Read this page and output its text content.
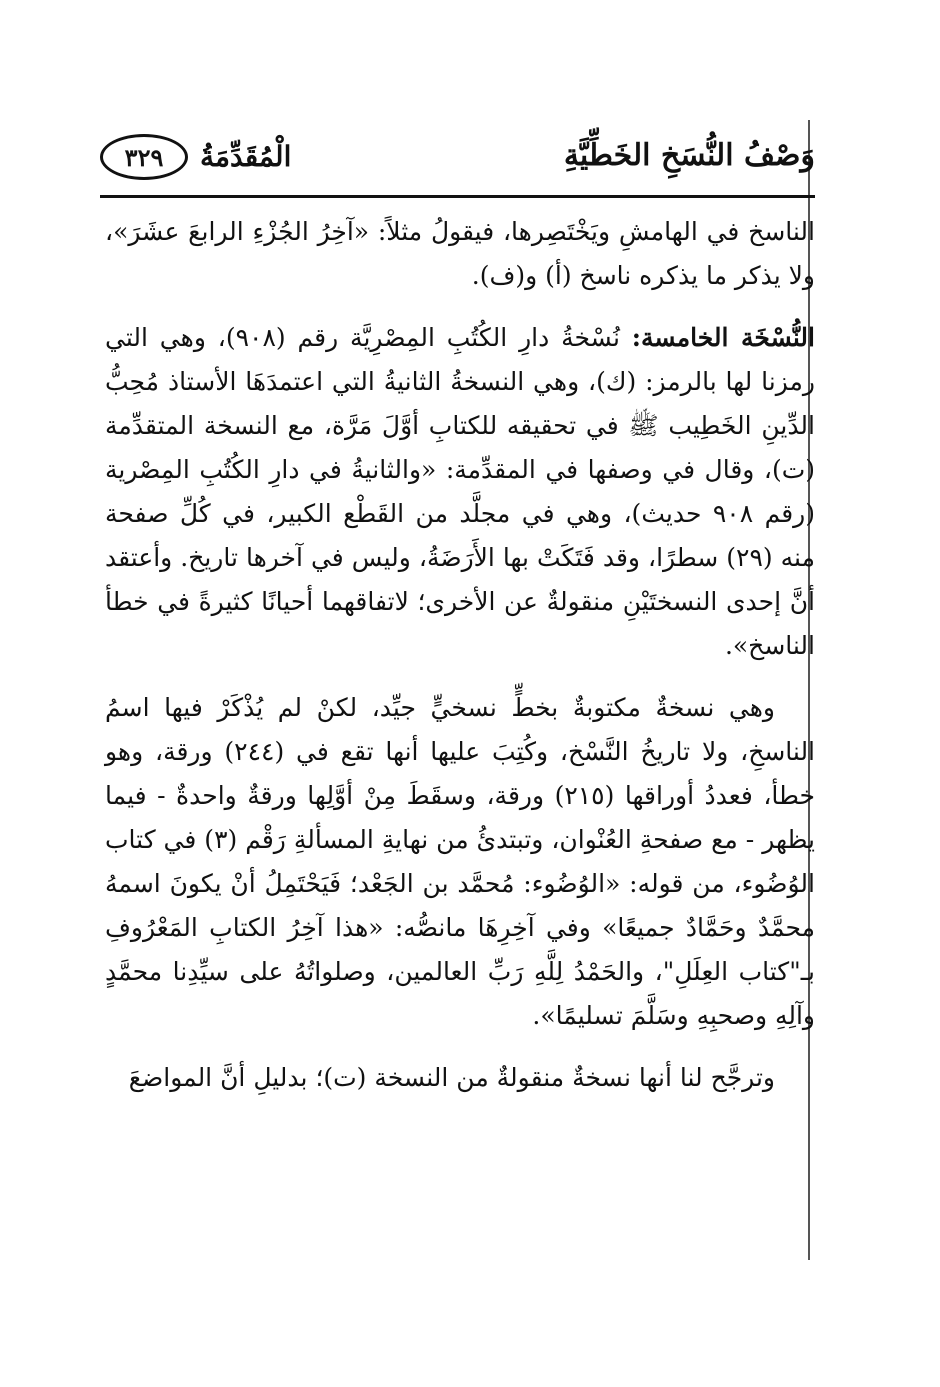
وَصْفُ النُّسَخِ الخَطِّيَّةِ
الْمُقَدِّمَةُ
٣٢٩

الناسخ في الهامشِ ويَخْتَصِرها، فيقولُ مثلاً: «آخِرُ الجُزْءِ الرابعَ عشَرَ»، ولا يذكر ما يذكره ناسخ (أ) و(ف).

النُّسْخَة الخامسة: نُسْخةُ دارِ الكُتُبِ المِصْرِيَّة رقم (٩٠٨)، وهي التي رمزنا لها بالرمز: (ك)، وهي النسخةُ الثانيةُ التي اعتمدَهَا الأستاذ مُحِبُّ الدِّينِ الخَطِيب ﷺ في تحقيقه للكتابِ أوَّلَ مَرَّة، مع النسخة المتقدِّمة (ت)، وقال في وصفها في المقدِّمة: «والثانيةُ في دارِ الكُتُبِ المِصْرية (رقم ٩٠٨ حديث)، وهي في مجلَّد من القَطْع الكبير، في كُلِّ صفحة منه (٢٩) سطرًا، وقد فَتَكَتْ بها الأَرَضَةُ، وليس في آخرها تاريخ. وأعتقد أنَّ إحدى النسختَيْنِ منقولةٌ عن الأخرى؛ لاتفاقهما أحيانًا كثيرةً في خطأ الناسخ».

وهي نسخةٌ مكتوبةٌ بخطٍّ نسخيٍّ جيِّد، لكنْ لم يُذْكَرْ فيها اسمُ الناسخِ، ولا تاريخُ النَّسْخ، وكُتِبَ عليها أنها تقع في (٢٤٤) ورقة، وهو خطأ، فعددُ أوراقها (٢١٥) ورقة، وسقَطَ مِنْ أوَّلِها ورقةٌ واحدةٌ - فيما يظهر - مع صفحةِ العُنْوان، وتبتدئُ من نهايةِ المسألةِ رَقْم (٣) في كتاب الوُضُوء، من قوله: «الوُضُوء: مُحمَّد بن الجَعْد؛ فَيَحْتَمِلُ أنْ يكونَ اسمهُ محمَّدٌ وحَمَّادٌ جميعًا» وفي آخِرِهَا مانصُّه: «هذا آخِرُ الكتابِ المَعْرُوفِ بـ"كتاب العِلَلِ"، والحَمْدُ لِلَّهِ رَبِّ العالمين، وصلواتُهُ على سيِّدِنا محمَّدٍ وآلِهِ وصحبِهِ وسَلَّمَ تسليمًا».

وترجَّح لنا أنها نسخةٌ منقولةٌ من النسخة (ت)؛ بدليلِ أنَّ المواضعَ
